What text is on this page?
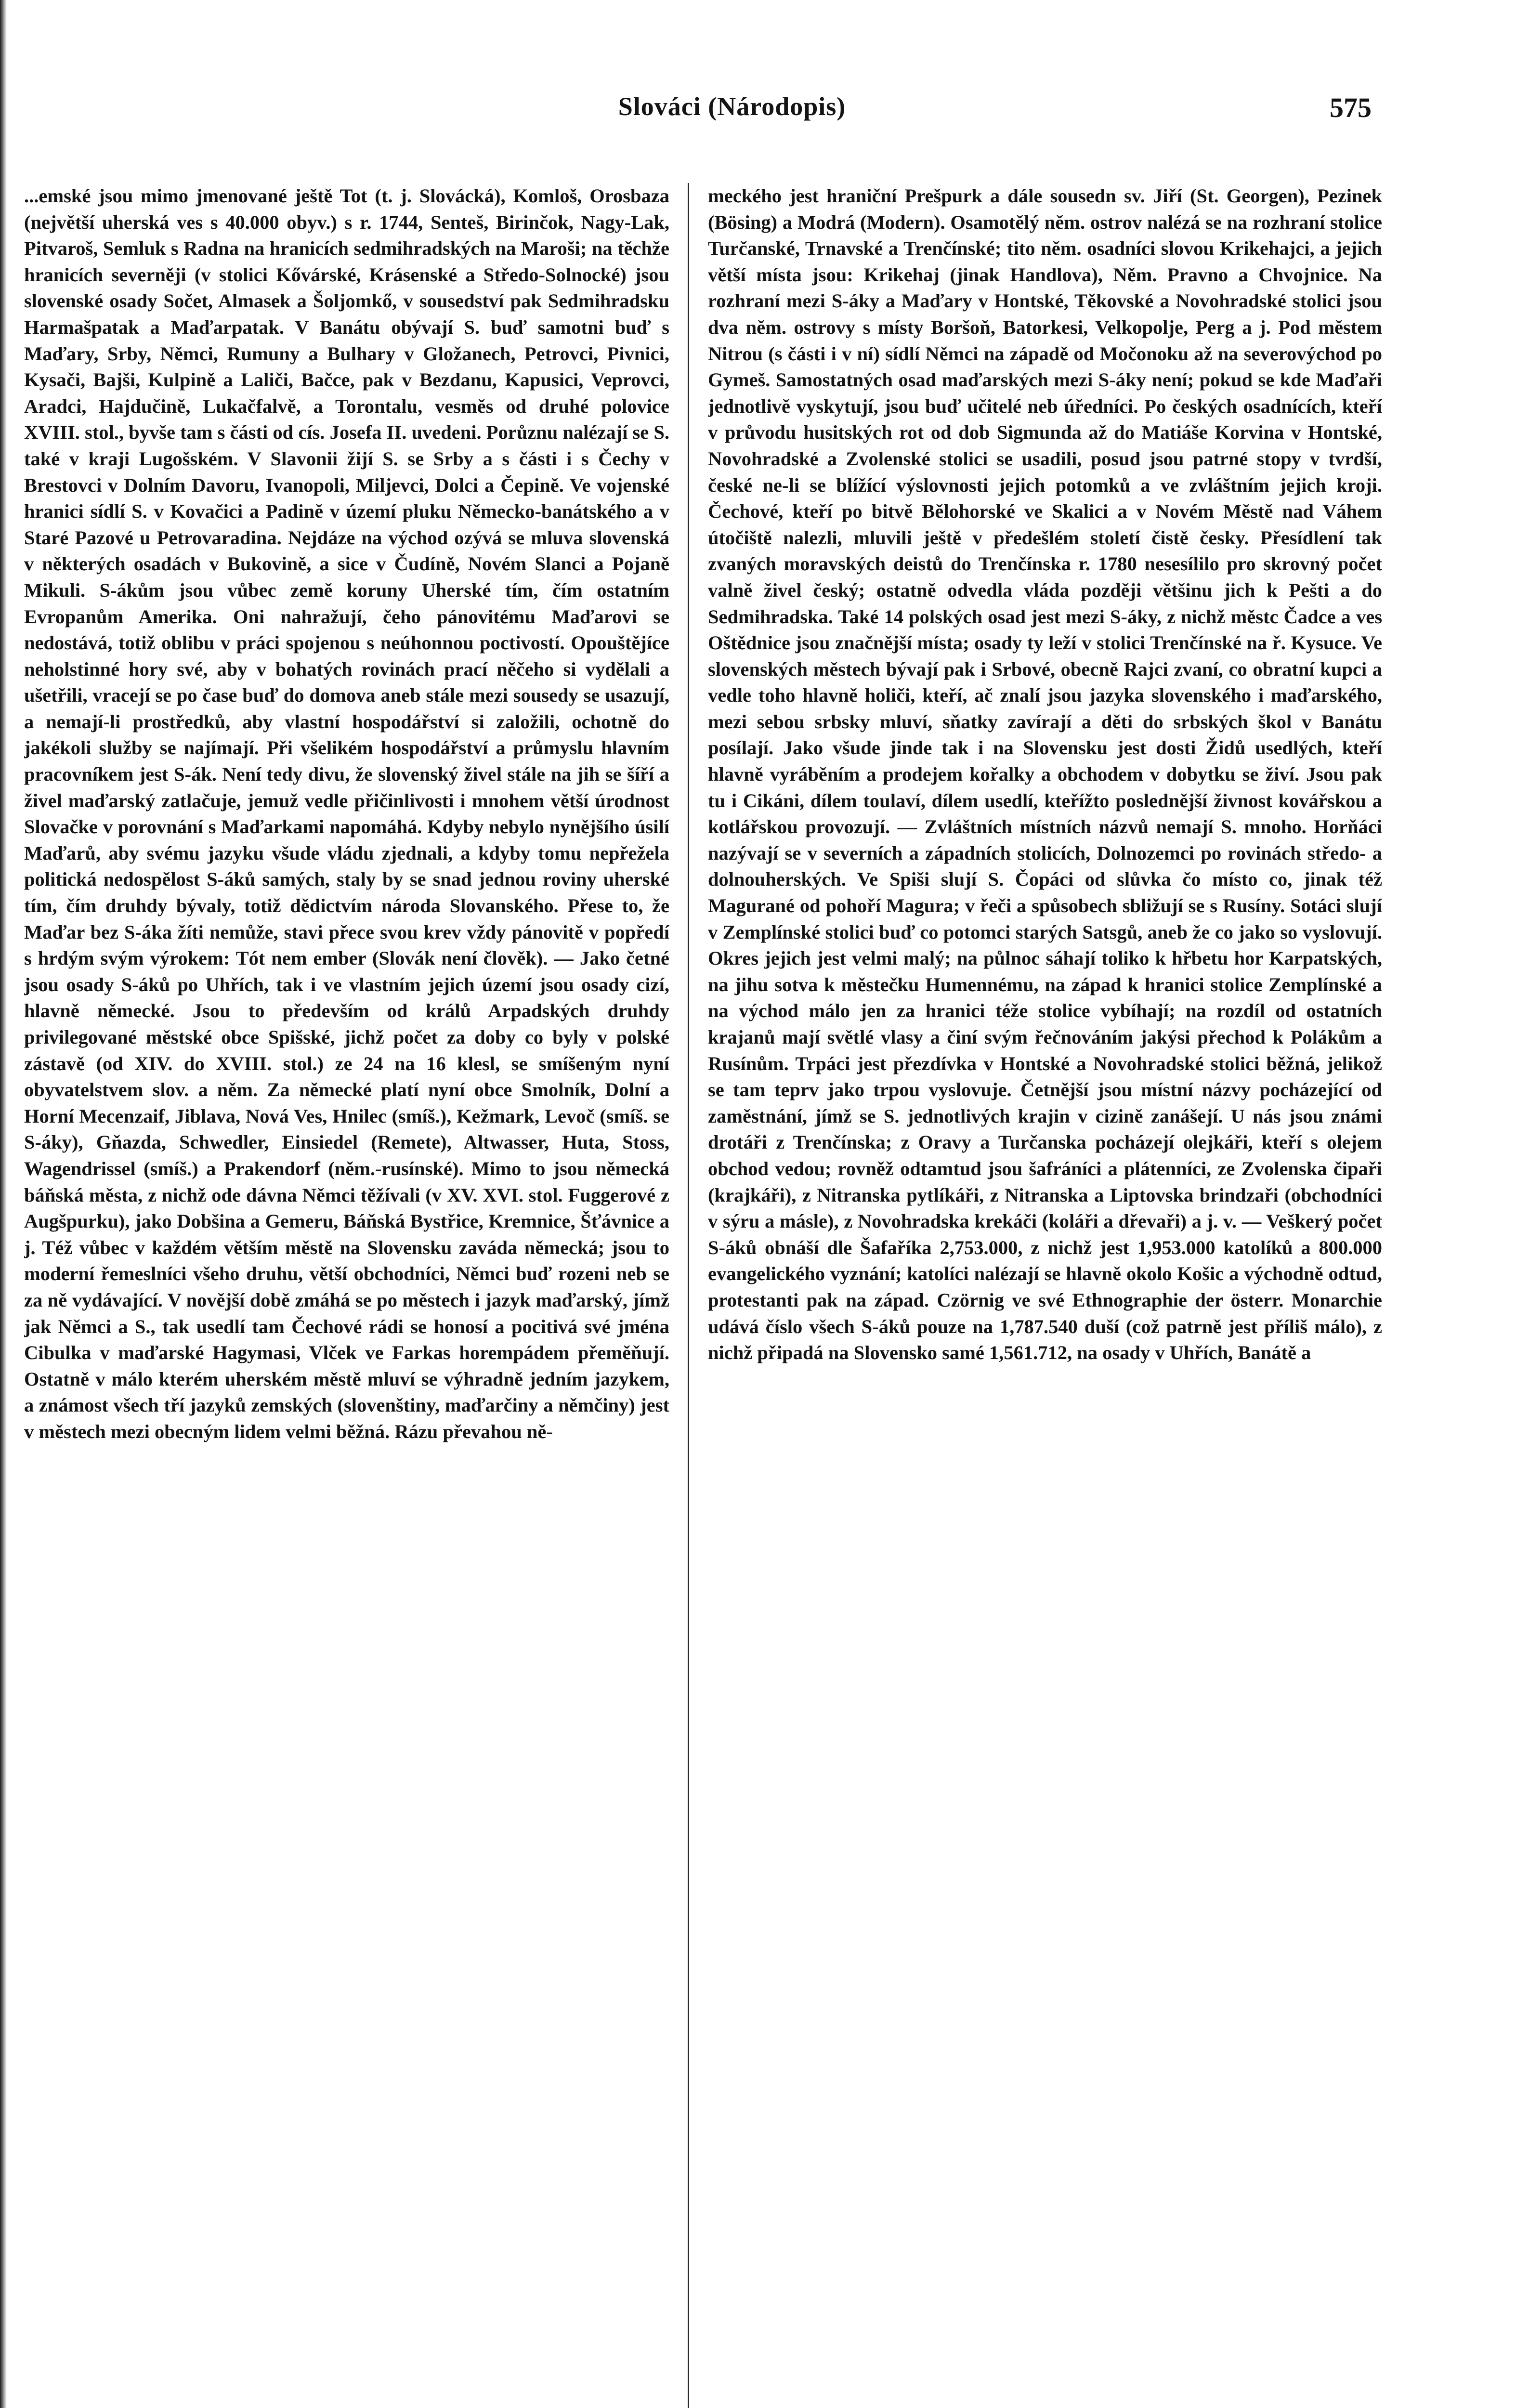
Slováci (Národopis)	575

...emské jsou mimo jmenované ještě Tot (t. j. Slovácká), Komloš, Orosbaza (největší uherská ves s 40.000 obyv.) s r. 1744, Senteš, Birinčok, Nagy-Lak, Pitvaroš, Semluk s Radna na hranicích sedmihradských na Maroši; na těchže hranicích severněji (v stolici Kővárské, Krásenské a Středo-Solnocké) jsou slovenské osady Sočet, Almasek a Šoljomkő, v sousedství pak Sedmihradsku Harmašpatak a Maďarpatak. V Banátu obývají S. buď samotni buď s Maďary, Srby, Němci, Rumuny a Bulhary v Gložanech, Petrovci, Pivnici, Kysači, Bajši, Kulpině a Laliči, Bačce, pak v Bezdanu, Kapusici, Veprovci, Aradci, Hajdučině, Lukačfalvě, a Torontalu, vesměs od druhé polovice XVIII. stol., byvše tam s části od cís. Josefa II. uvedeni. Porůznu nalézají se S. také v kraji Lugošském. V Slavonii žijí S. se Srby a s části i s Čechy v Brestovci v Dolním Davoru, Ivanopoli, Miljevci, Dolci a Čepině. Ve vojenské hranici sídlí S. v Kovačici a Padině v území pluku Německo-banátského a v Staré Pazové u Petrovaradina. Nejdáze na východ ozývá se mluva slovenská v některých osadách v Bukovině, a sice v Čudíně, Novém Slanci a Pojaně Mikuli. S-ákům jsou vůbec země koruny Uherské tím, čím ostatním Evropanům Amerika. Oni nahražují, čeho pánovitému Maďarovi se nedostává, totiž oblibu v práci spojenou s neúhonnou poctivostí. Opouštějíce neholstinné hory své, aby v bohatých rovinách prací něčeho si vydělali a ušetřili, vracejí se po čase buď do domova aneb stále mezi sousedy se usazují, a nemají-li prostředků, aby vlastní hospodářství si založili, ochotně do jakékoli služby se najímají. Při všelikém hospodářství a průmyslu hlavním pracovníkem jest S-ák. Není tedy divu, že slovenský živel stále na jih se šíří a živel maďarský zatlačuje, jemuž vedle přičinlivosti i mnohem větší úrodnost Slovačke v porovnání s Maďarkami napomáhá. Kdyby nebylo nynějšího úsilí Maďarů, aby svému jazyku všude vládu zjednali, a kdyby tomu nepřežela politická nedospělost S-áků samých, staly by se snad jednou roviny uherské tím, čím druhdy bývaly, totiž dědictvím národa Slovanského. Přese to, že Maďar bez S-áka žíti nemůže, stavi přece svou krev vždy pánovitě v popředí s hrdým svým výrokem: Tót nem ember (Slovák není člověk). — Jako četné jsou osady S-áků po Uhřích, tak i ve vlastním jejich území jsou osady cizí, hlavně německé. Jsou to především od králů Arpadských druhdy privilegované městské obce Spišské, jichž počet za doby co byly v polské zástavě (od XIV. do XVIII. stol.) ze 24 na 16 klesl, se smíšeným nyní obyvatelstvem slov. a něm. Za německé platí nyní obce Smolník, Dolní a Horní Mecenzaif, Jiblava, Nová Ves, Hnilec (smíš.), Kežmark, Levoč (smíš. se S-áky), Gňazda, Schwedler, Einsiedel (Remete), Altwasser, Huta, Stoss, Wagendrissel (smíš.) a Prakendorf (něm.-rusínské). Mimo to jsou německá báňská města, z nichž ode dávna Němci těžívali (v XV. XVI. stol. Fuggerové z Augšpurku), jako Dobšina a Gemeru, Báňská Bystřice, Kremnice, Šťávnice a j. Též vůbec v každém větším městě na Slovensku zaváda německá; jsou to moderní řemeslníci všeho druhu, větší obchodníci, Němci buď rozeni neb se za ně vydávající. V novější době zmáhá se po městech i jazyk maďarský, jímž jak Němci a S., tak usedlí tam Čechové rádi se honosí a pocitivá své jména Cibulka v maďarské Hagymasi, Vlček ve Farkas horempádem přeměňují. Ostatně v málo kterém uherském městě mluví se výhradně jedním jazykem, a známost všech tří jazyků zemských (slovenštiny, maďarčiny a němčiny) jest v městech mezi obecným lidem velmi běžná. Rázu převahou ně-

meckého jest hraniční Prešpurk a dále sousedn sv. Jiří (St. Georgen), Pezinek (Bösing) a Modrá (Modern). Osamotělý něm. ostrov nalézá se na rozhraní stolice Turčanské, Trnavské a Trenčínské; tito něm. osadníci slovou Krikehajci, a jejich větší místa jsou: Krikehaj (jinak Handlova), Něm. Pravno a Chvojnice. Na rozhraní mezi S-áky a Maďary v Hontské, Těkovské a Novohradské stolici jsou dva něm. ostrovy s místy Boršoň, Batorkesi, Velkopolje, Perg a j. Pod městem Nitrou (s části i v ní) sídlí Němci na západě od Močonoku až na severovýchod po Gymeš. Samostatných osad maďarských mezi S-áky není; pokud se kde Maďaři jednotlivě vyskytují, jsou buď učitelé neb úředníci. Po českých osadnících, kteří v průvodu husitských rot od dob Sigmunda až do Matiáše Korvina v Hontské, Novohradské a Zvolenské stolici se usadili, posud jsou patrné stopy v tvrdší, české ne-li se blížící výslovnosti jejich potomků a ve zvláštním jejich kroji. Čechové, kteří po bitvě Bělohorské ve Skalici a v Novém Městě nad Váhem útočiště nalezli, mluvili ještě v předešlém století čistě česky. Přesídlení tak zvaných moravských deistů do Trenčínska r. 1780 nesesílilo pro skrovný počet valně živel český; ostatně odvedla vláda později většinu jich k Pešti a do Sedmihradska. Také 14 polských osad jest mezi S-áky, z nichž městc Čadce a ves Oštědnice jsou značnější místa; osady ty leží v stolici Trenčínské na ř. Kysuce. Ve slovenských městech bývají pak i Srbové, obecně Rajci zvaní, co obratní kupci a vedle toho hlavně holiči, kteří, ač znalí jsou jazyka slovenského i maďarského, mezi sebou srbsky mluví, sňatky zavírají a děti do srbských škol v Banátu posílají. Jako všude jinde tak i na Slovensku jest dosti Židů usedlých, kteří hlavně vyráběním a prodejem kořalky a obchodem v dobytku se živí. Jsou pak tu i Cikáni, dílem toulaví, dílem usedlí, kteřížto poslednější živnost kovářskou a kotlářskou provozují. — Zvláštních místních názvů nemají S. mnoho. Horňáci nazývají se v severních a západních stolicích, Dolnozemci po rovinách středo- a dolnouherských. Ve Spiši slují S. Čopáci od slůvka čo místo co, jinak též Magurané od pohoří Magura; v řeči a spůsobech sbližují se s Rusíny. Sotáci slují v Zemplínské stolici buď co potomci starých Satsgů, aneb že co jako so vyslovují. Okres jejich jest velmi malý; na půlnoc sáhají toliko k hřbetu hor Karpatských, na jihu sotva k městečku Humennému, na západ k hranici stolice Zemplínské a na východ málo jen za hranici téže stolice vybíhají; na rozdíl od ostatních krajanů mají světlé vlasy a činí svým řečnováním jakýsi přechod k Polákům a Rusínům. Trpáci jest přezdívka v Hontské a Novohradské stolici běžná, jelikož se tam teprv jako trpou vyslovuje. Četnější jsou místní názvy pocházející od zaměstnání, jímž se S. jednotlivých krajin v cizině zanášejí. U nás jsou známi drotáři z Trenčínska; z Oravy a Turčanska pocházejí olejkáři, kteří s olejem obchod vedou; rovněž odtamtud jsou šafráníci a plátenníci, ze Zvolenska čipaři (krajkáři), z Nitranska pytlíkáři, z Nitranska a Liptovska brindzaři (obchodníci v sýru a másle), z Novohradska krekáči (koláři a dřevaři) a j. v. — Veškerý počet S-áků obnáší dle Šafaříka 2,753.000, z nichž jest 1,953.000 katolíků a 800.000 evangelického vyznání; katolíci nalézají se hlavně okolo Košic a východně odtud, protestanti pak na západ. Czörnig ve své Ethnographie der österr. Monarchie udává číslo všech S-áků pouze na 1,787.540 duší (což patrně jest příliš málo), z nichž připadá na Slovensko samé 1,561.712, na osady v Uhřích, Banátě a
